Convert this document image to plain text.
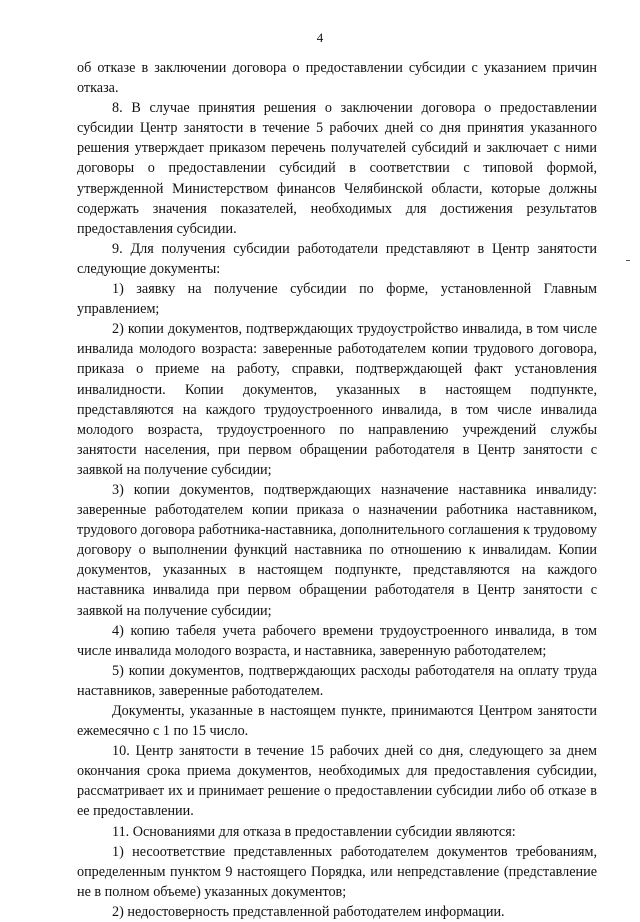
4

об отказе в заключении договора о предоставлении субсидии с указанием причин отказа.

8. В случае принятия решения о заключении договора о предоставлении субсидии Центр занятости в течение 5 рабочих дней со дня принятия указанного решения утверждает приказом перечень получателей субсидий и заключает с ними договоры о предоставлении субсидий в соответствии с типовой формой, утвержденной Министерством финансов Челябинской области, которые должны содержать значения показателей, необходимых для достижения результатов предоставления субсидии.

9. Для получения субсидии работодатели представляют в Центр занятости следующие документы:

1) заявку на получение субсидии по форме, установленной Главным управлением;

2) копии документов, подтверждающих трудоустройство инвалида, в том числе инвалида молодого возраста: заверенные работодателем копии трудового договора, приказа о приеме на работу, справки, подтверждающей факт установления инвалидности. Копии документов, указанных в настоящем подпункте, представляются на каждого трудоустроенного инвалида, в том числе инвалида молодого возраста, трудоустроенного по направлению учреждений службы занятости населения, при первом обращении работодателя в Центр занятости с заявкой на получение субсидии;

3) копии документов, подтверждающих назначение наставника инвалиду: заверенные работодателем копии приказа о назначении работника наставником, трудового договора работника-наставника, дополнительного соглашения к трудовому договору о выполнении функций наставника по отношению к инвалидам. Копии документов, указанных в настоящем подпункте, представляются на каждого наставника инвалида при первом обращении работодателя в Центр занятости с заявкой на получение субсидии;

4) копию табеля учета рабочего времени трудоустроенного инвалида, в том числе инвалида молодого возраста, и наставника, заверенную работодателем;

5) копии документов, подтверждающих расходы работодателя на оплату труда наставников, заверенные работодателем.

Документы, указанные в настоящем пункте, принимаются Центром занятости ежемесячно с 1 по 15 число.

10. Центр занятости в течение 15 рабочих дней со дня, следующего за днем окончания срока приема документов, необходимых для предоставления субсидии, рассматривает их и принимает решение о предоставлении субсидии либо об отказе в ее предоставлении.

11. Основаниями для отказа в предоставлении субсидии являются:

1) несоответствие представленных работодателем документов требованиям, определенным пунктом 9 настоящего Порядка, или непредставление (представление не в полном объеме) указанных документов;

2) недостоверность представленной работодателем информации.
